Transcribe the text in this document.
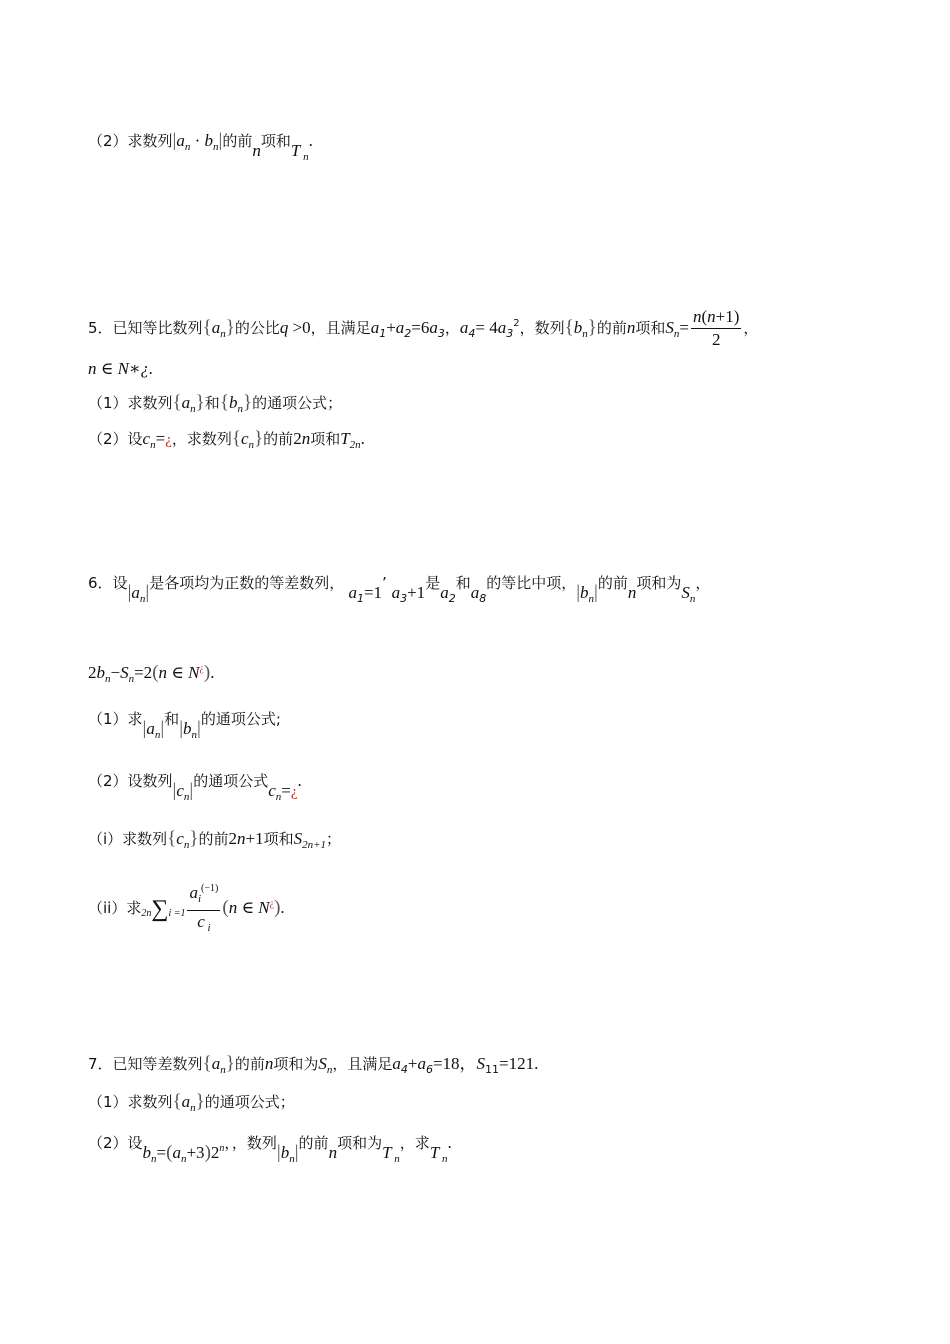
（2）求数列$|a_n \cdot b_n|$的前n项和T $_n$.
5．已知等比数列$\{a_n\}$的公比q >0，且满足$a_1+a_2=6a_3$，$a_4= 4a_3^2$，数列$\{b_n\}$的前n项和$S_n= \frac{n(n+1)}{2}$ ，
n ∈ N∗¿.
（1）求数列$\{a_n\}$和$\{b_n\}$的通项公式；
（2）设$c_n=¿$，求数列$\{c_n\}$的前2n项和$T_{2n}$.
6．设$|a_n|$是各项均为正数的等差数列， $a_1=1$’ $a_3+1$是$a_2$和$a_8$的等比中项，$|b_n|$的前n项和为$S_n$，
$2b_n-S_n=2(n$ ∈ N¿).
（1）求$|a_n|$和$|b_n|$的通项公式;
（2）设数列$|c_n|$的通项公式$c_n=¿$.
（i）求数列$\{c_n\}$的前2n+1项和$S_{2n+1}$；
（ii）求$2n\sum i =1 \frac{a_i^{(-1)}}{c _i} (n$ ∈ N¿).
7．已知等差数列$\{a_n\}$的前n项和为$S_n$，且满足$a_4+a_6=18$，$S_{11}=121$.
（1）求数列$\{a_n\}$的通项公式；
（2）设$b_n=(a_n+3)2_n$，，数列$|b_n|$的前n项和为T $_n$，求T $_n$.
